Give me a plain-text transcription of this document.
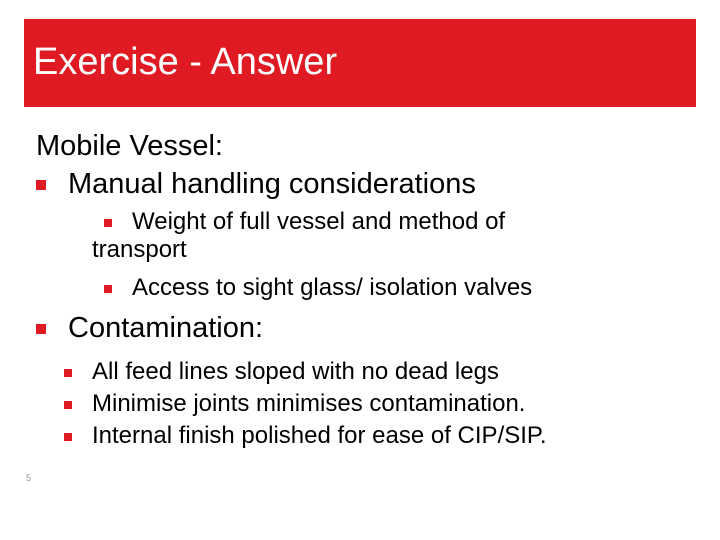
Exercise - Answer
Mobile Vessel:
Manual handling considerations
Weight of full vessel and method of
transport
Access to sight glass/ isolation valves
Contamination:
All feed lines sloped with no dead legs
Minimise joints minimises contamination.
Internal finish polished for ease of CIP/SIP.
5
